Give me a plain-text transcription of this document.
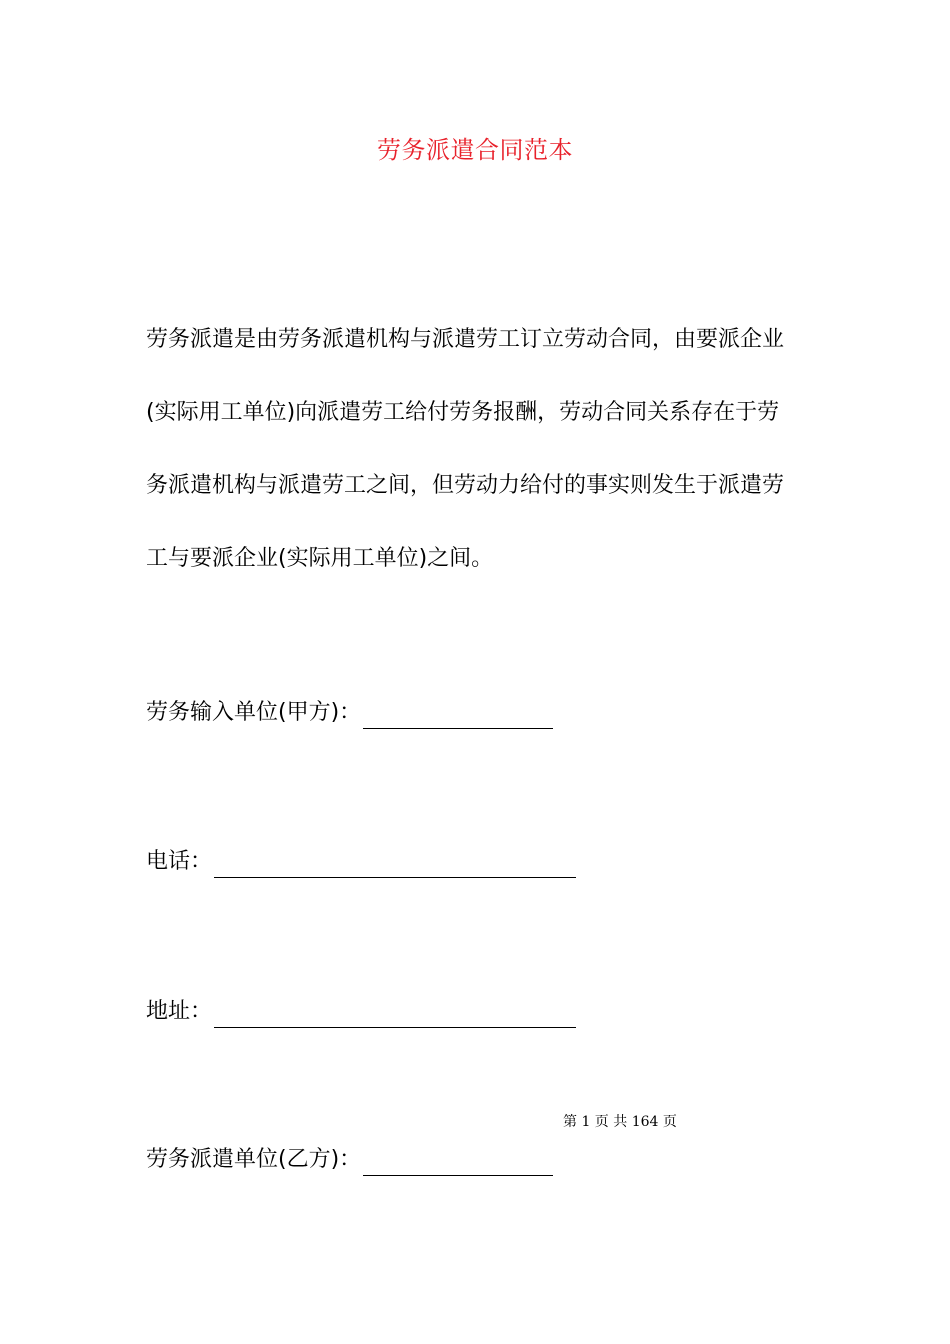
劳务派遣合同范本
劳务派遣是由劳务派遣机构与派遣劳工订立劳动合同，由要派企业
(实际用工单位)向派遣劳工给付劳务报酬，劳动合同关系存在于劳
务派遣机构与派遣劳工之间，但劳动力给付的事实则发生于派遣劳
工与要派企业(实际用工单位)之间。
劳务输入单位(甲方)：
电话：
地址：
第 1 页 共 164 页
劳务派遣单位(乙方)：
